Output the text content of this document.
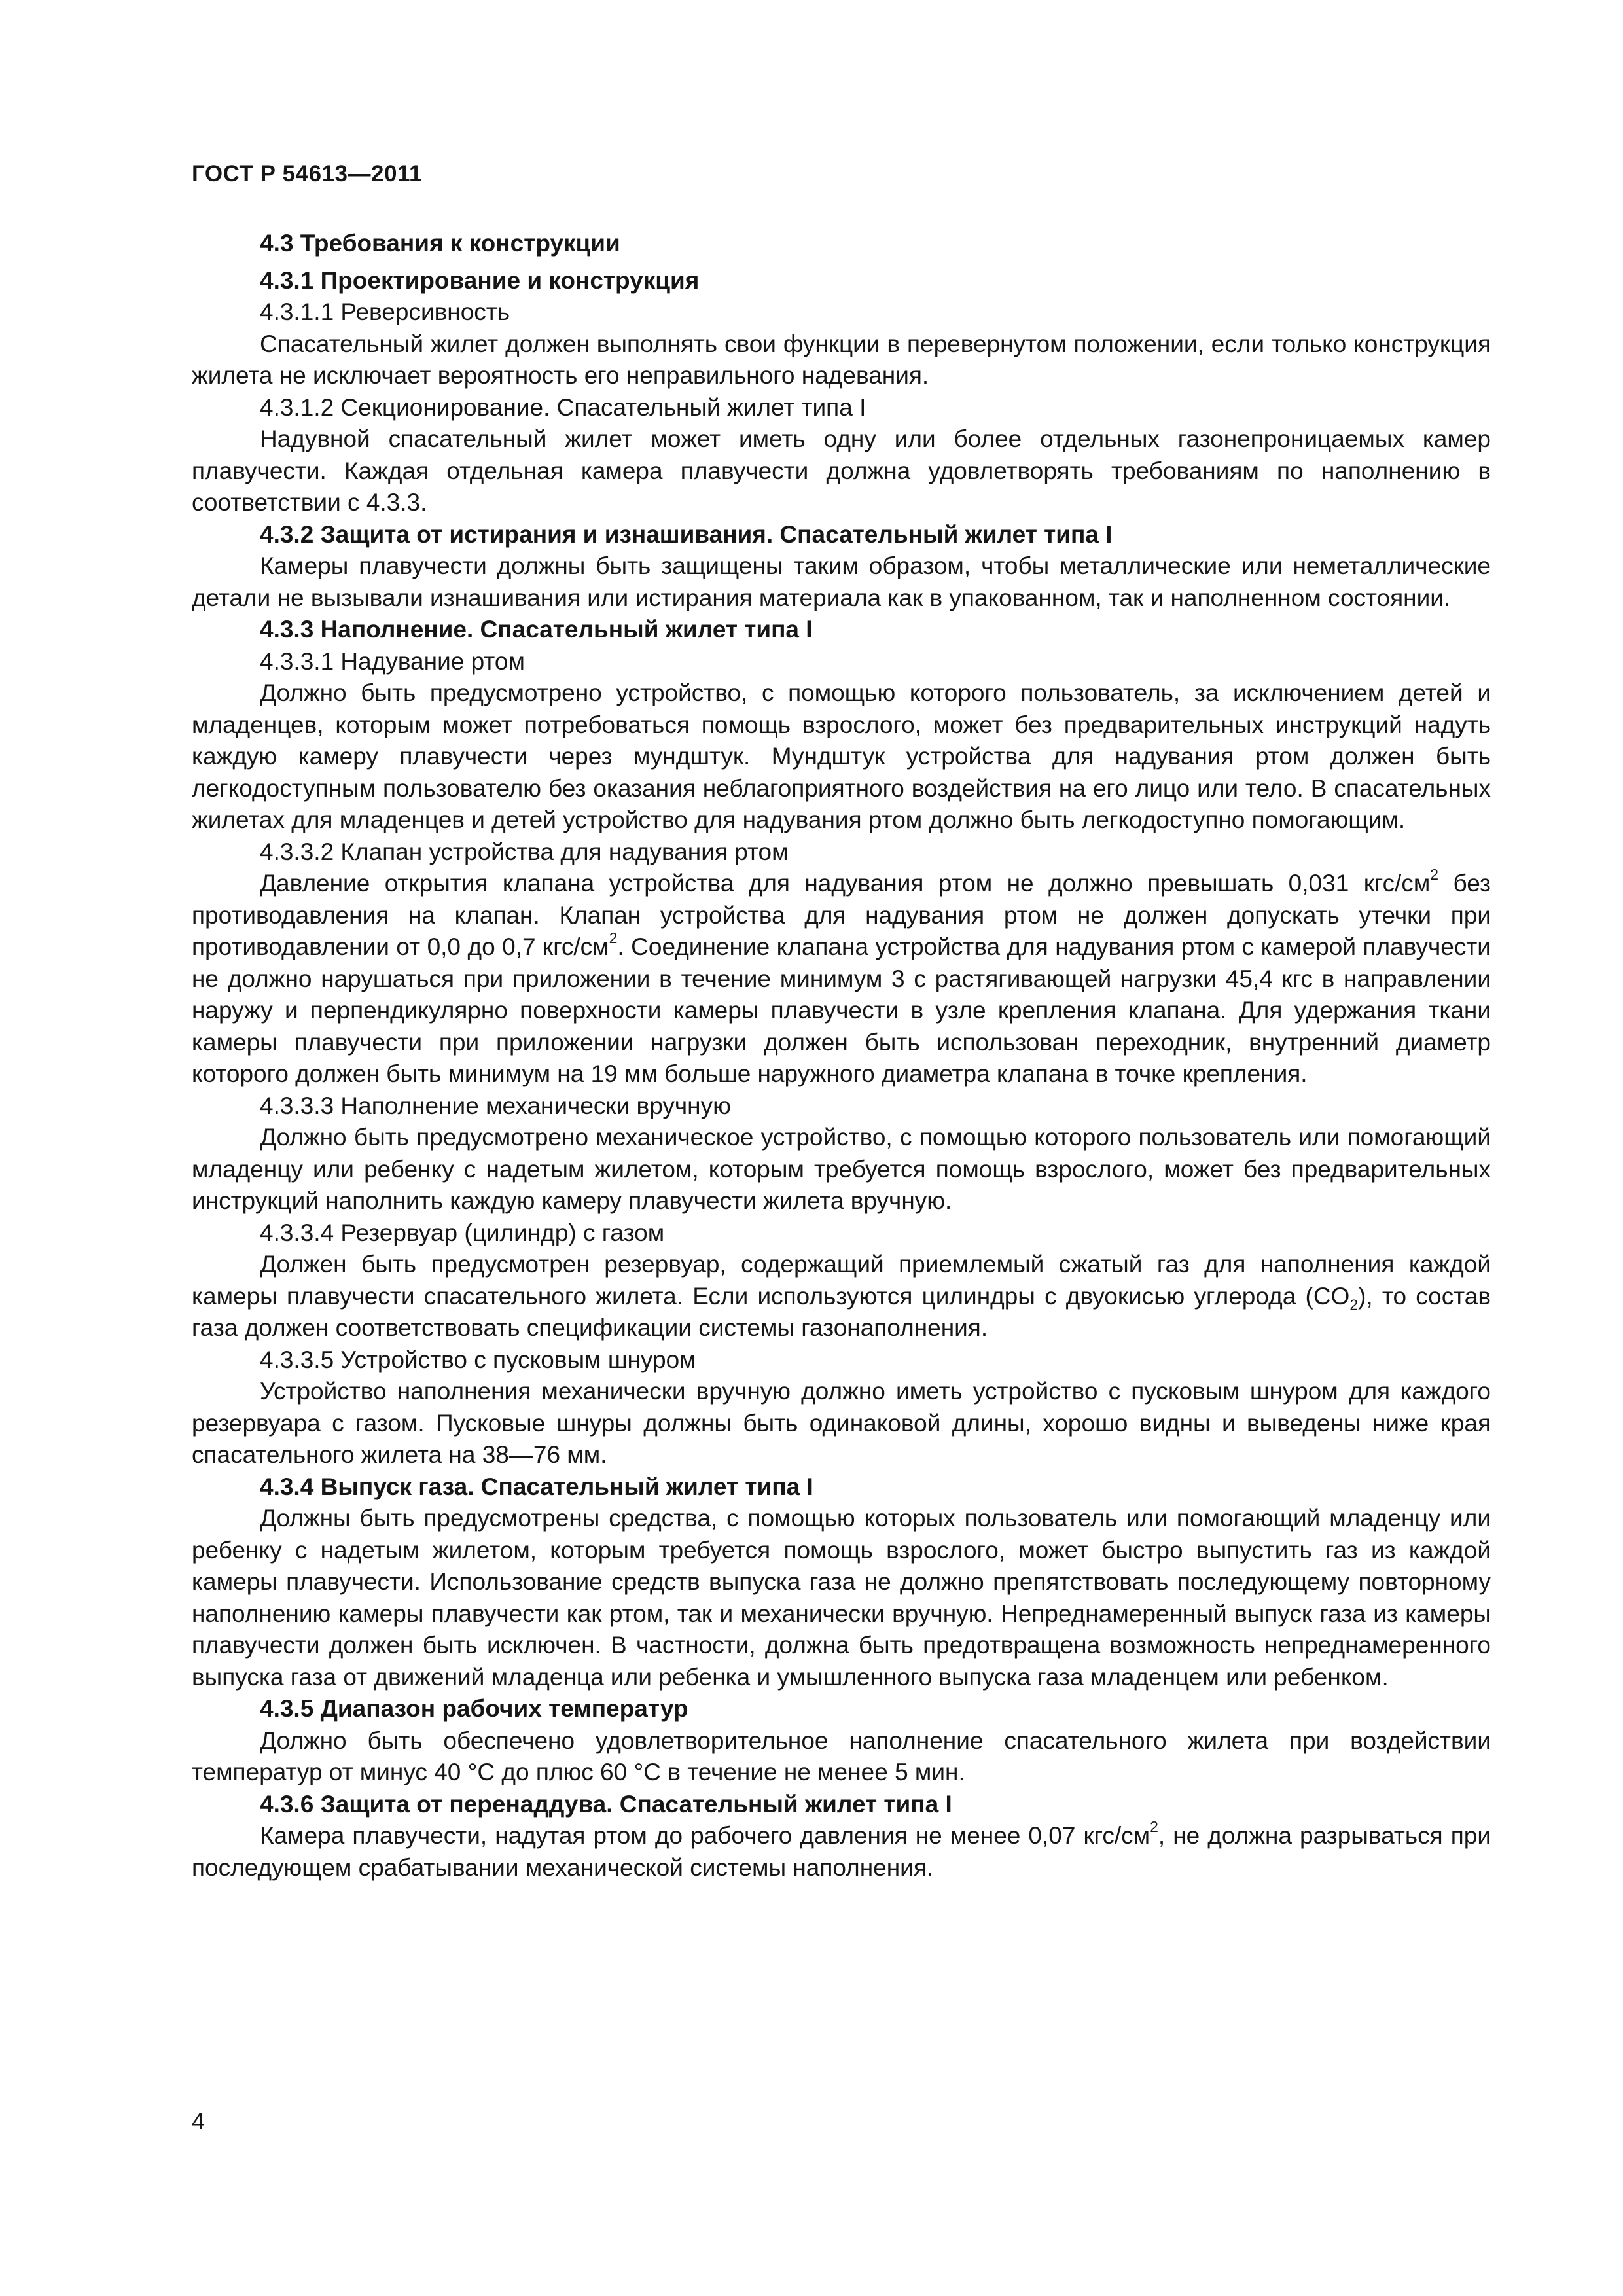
ГОСТ Р 54613—2011

4.3 Требования к конструкции

4.3.1 Проектирование и конструкция

4.3.1.1 Реверсивность

Спасательный жилет должен выполнять свои функции в перевернутом положении, если только конструкция жилета не исключает вероятность его неправильного надевания.

4.3.1.2 Секционирование. Спасательный жилет типа I

Надувной спасательный жилет может иметь одну или более отдельных газонепроницаемых камер плавучести. Каждая отдельная камера плавучести должна удовлетворять требованиям по наполнению в соответствии с 4.3.3.

4.3.2 Защита от истирания и изнашивания. Спасательный жилет типа I

Камеры плавучести должны быть защищены таким образом, чтобы металлические или неметаллические детали не вызывали изнашивания или истирания материала как в упакованном, так и наполненном состоянии.

4.3.3 Наполнение. Спасательный жилет типа I

4.3.3.1 Надувание ртом

Должно быть предусмотрено устройство, с помощью которого пользователь, за исключением детей и младенцев, которым может потребоваться помощь взрослого, может без предварительных инструкций надуть каждую камеру плавучести через мундштук. Мундштук устройства для надувания ртом должен быть легкодоступным пользователю без оказания неблагоприятного воздействия на его лицо или тело. В спасательных жилетах для младенцев и детей устройство для надувания ртом должно быть легкодоступно помогающим.

4.3.3.2 Клапан устройства для надувания ртом

Давление открытия клапана устройства для надувания ртом не должно превышать 0,031 кгс/$см^2$ без противодавления на клапан. Клапан устройства для надувания ртом не должен допускать утечки при противодавлении от 0,0 до 0,7 кгс/$см^2$. Соединение клапана устройства для надувания ртом с камерой плавучести не должно нарушаться при приложении в течение минимум 3 с растягивающей нагрузки 45,4 кгс в направлении наружу и перпендикулярно поверхности камеры плавучести в узле крепления клапана. Для удержания ткани камеры плавучести при приложении нагрузки должен быть использован переходник, внутренний диаметр которого должен быть минимум на 19 мм больше наружного диаметра клапана в точке крепления.

4.3.3.3 Наполнение механически вручную

Должно быть предусмотрено механическое устройство, с помощью которого пользователь или помогающий младенцу или ребенку с надетым жилетом, которым требуется помощь взрослого, может без предварительных инструкций наполнить каждую камеру плавучести жилета вручную.

4.3.3.4 Резервуар (цилиндр) с газом

Должен быть предусмотрен резервуар, содержащий приемлемый сжатый газ для наполнения каждой камеры плавучести спасательного жилета. Если используются цилиндры с двуокисью углерода $(CO_2)$, то состав газа должен соответствовать спецификации системы газонаполнения.

4.3.3.5 Устройство с пусковым шнуром

Устройство наполнения механически вручную должно иметь устройство с пусковым шнуром для каждого резервуара с газом. Пусковые шнуры должны быть одинаковой длины, хорошо видны и выведены ниже края спасательного жилета на 38—76 мм.

4.3.4 Выпуск газа. Спасательный жилет типа I

Должны быть предусмотрены средства, с помощью которых пользователь или помогающий младенцу или ребенку с надетым жилетом, которым требуется помощь взрослого, может быстро выпустить газ из каждой камеры плавучести. Использование средств выпуска газа не должно препятствовать последующему повторному наполнению камеры плавучести как ртом, так и механически вручную. Непреднамеренный выпуск газа из камеры плавучести должен быть исключен. В частности, должна быть предотвращена возможность непреднамеренного выпуска газа от движений младенца или ребенка и умышленного выпуска газа младенцем или ребенком.

4.3.5 Диапазон рабочих температур

Должно быть обеспечено удовлетворительное наполнение спасательного жилета при воздействии температур от минус 40 °С до плюс 60 °С в течение не менее 5 мин.

4.3.6 Защита от перенаддува. Спасательный жилет типа I

Камера плавучести, надутая ртом до рабочего давления не менее 0,07 кгс/$см^2$, не должна разрываться при последующем срабатывании механической системы наполнения.

4
